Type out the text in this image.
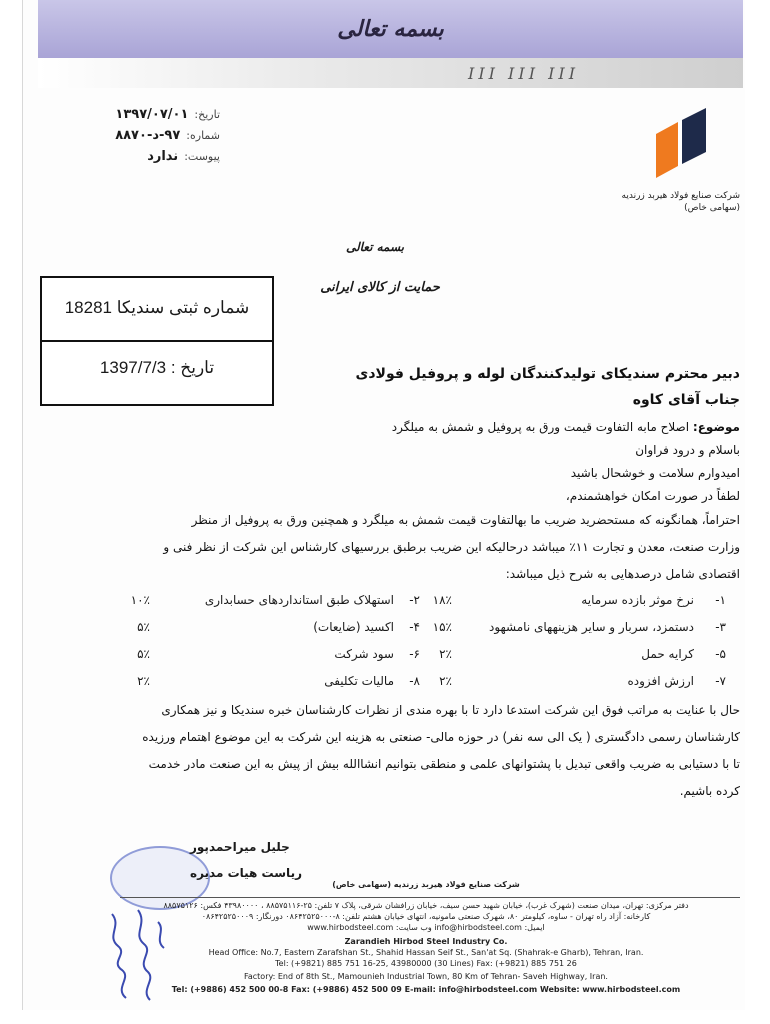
بسمه تعالی
III III III
تاریخ:
۱۳۹۷/۰۷/۰۱
شماره:
۹۷-د-۸۸۷۰
پیوست:
ندارد
شرکت صنایع فولاد هیربد زرندیه
(سهامی خاص)
بسمه تعالی
حمایت از کالای ایرانی
شماره ثبتی سندیکا 18281
تاریخ : 1397/7/3	دبیر محترم سندیکای تولیدکنندگان لوله و پروفیل فولادی
جناب آقای کاوه
موضوع: اصلاح مابه التفاوت قیمت ورق به پروفیل و شمش به میلگرد
باسلام و درود فراوان
امیدوارم سلامت و خوشحال باشید
لطفاً در صورت امکان خواهشمندم،
احتراماً، همانگونه که مستحضرید ضریب ما بهالتفاوت قیمت شمش به میلگرد و همچنین ورق به پروفیل از منظر
وزارت صنعت، معدن و تجارت ۱۱٪ میباشد درحالیکه این ضریب برطبق بررسیهای کارشناس این شرکت از نظر فنی و
اقتصادی شامل درصدهایی به شرح ذیل میباشد:
۱-
نرخ موثر بازده سرمایه
۱۸٪
۲-
استهلاک طبق استانداردهای حسابداری
۱۰٪
۳-
دستمزد، سربار و سایر هزینههای نامشهود
۱۵٪
۴-
اکسید (ضایعات)
۵٪
۵-
کرایه حمل
۲٪
۶-
سود شرکت
۵٪
۷-
ارزش افزوده
۲٪
۸-
مالیات تکلیفی
۲٪
حال با عنایت به مراتب فوق این شرکت استدعا دارد تا با بهره مندی از نظرات کارشناسان خبره سندیکا و نیز همکاری
کارشناسان رسمی دادگستری ( یک الی سه نفر) در حوزه مالی- صنعتی به هزینه این شرکت به این موضوع اهتمام ورزیده
تا با دستیابی به ضریب واقعی تبدیل با پشتوانهای علمی و منطقی بتوانیم انشاالله بیش از پیش به این صنعت مادر خدمت
کرده باشیم.
جلیل میراحمدپور
ریاست هیات مدیره
شرکت صنایع فولاد هیربد زرندیه (سهامی خاص)
دفتر مرکزی: تهران، میدان صنعت (شهرک غرب)، خیابان شهید حسن سیف، خیابان زرافشان شرقی، پلاک ۷ تلفن: ۲۵-۸۸۵۷۵۱۱۶ ، ۴۳۹۸۰۰۰۰ فکس: ۸۸۵۷۵۱۲۶
کارخانه: آزاد راه تهران - ساوه، کیلومتر ۸۰، شهرک صنعتی مامونیه، انتهای خیابان هشتم تلفن: ۸-۰۸۶۴۲۵۲۵۰۰۰ دورنگار: ۰۸۶۴۲۵۲۵۰۰۰۹
ایمیل: info@hirbodsteel.com وب سایت: www.hirbodsteel.com
Zarandieh Hirbod Steel Industry Co.
Head Office: No.7, Eastern Zarafshan St., Shahid Hassan Seif St., San'at Sq. (Shahrak-e Gharb), Tehran, Iran.
Tel: (+9821) 885 751 16-25, 43980000 (30 Lines) Fax: (+9821) 885 751 26
Factory: End of 8th St., Mamounieh Industrial Town, 80 Km of Tehran- Saveh Highway, Iran.
Tel: (+9886) 452 500 00-8 Fax: (+9886) 452 500 09 E-mail: info@hirbodsteel.com Website: www.hirbodsteel.com
